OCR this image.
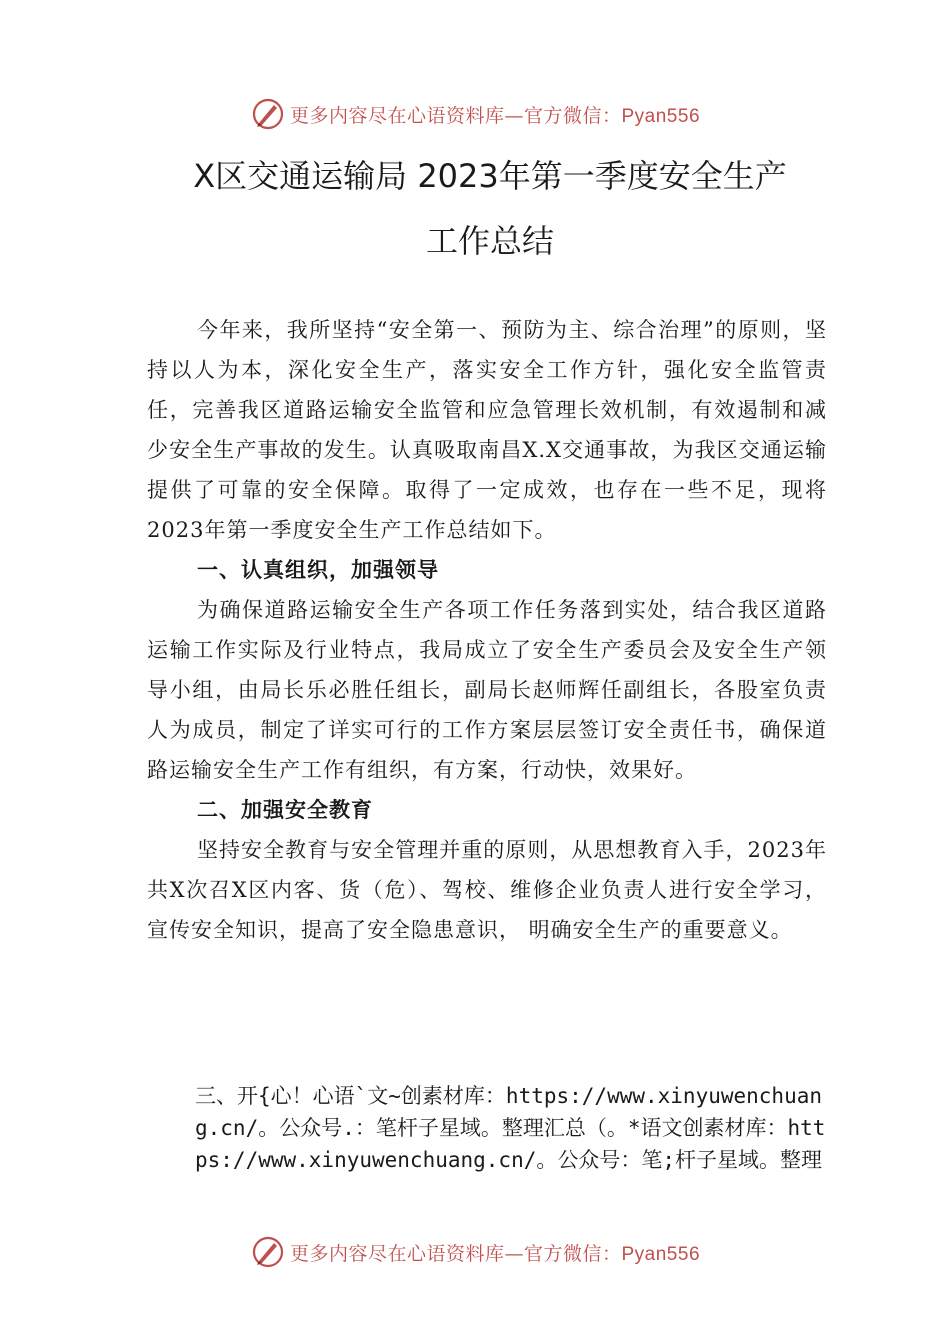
更多内容尽在心语资料库—官方微信：Pyan556
X区交通运输局 2023年第一季度安全生产
工作总结

今年来，我所坚持“安全第一、预防为主、综合治理”的原则，坚持以人为本，深化安全生产，落实安全工作方针，强化安全监管责任，完善我区道路运输安全监管和应急管理长效机制，有效遏制和减少安全生产事故的发生。认真吸取南昌X.X交通事故，为我区交通运输提供了可靠的安全保障。取得了一定成效，也存在一些不足，现将2023年第一季度安全生产工作总结如下。

一、认真组织，加强领导

为确保道路运输安全生产各项工作任务落到实处，结合我区道路运输工作实际及行业特点，我局成立了安全生产委员会及安全生产领导小组，由局长乐必胜任组长，副局长赵师辉任副组长，各股室负责人为成员，制定了详实可行的工作方案层层签订安全责任书，确保道路运输安全生产工作有组织，有方案，行动快，效果好。

二、加强安全教育

坚持安全教育与安全管理并重的原则，从思想教育入手，2023年共X次召X区内客、货（危）、驾校、维修企业负责人进行安全学习，宣传安全知识，提高了安全隐患意识， 明确安全生产的重要意义。

三、开{心！心语`文~创素材库：https://www.xinyuwenchuang.cn/。公众号.：笔杆子星域。整理汇总（。*语文创素材库：https://www.xinyuwenchuang.cn/。公众号：笔;杆子星域。整理
更多内容尽在心语资料库—官方微信：Pyan556
